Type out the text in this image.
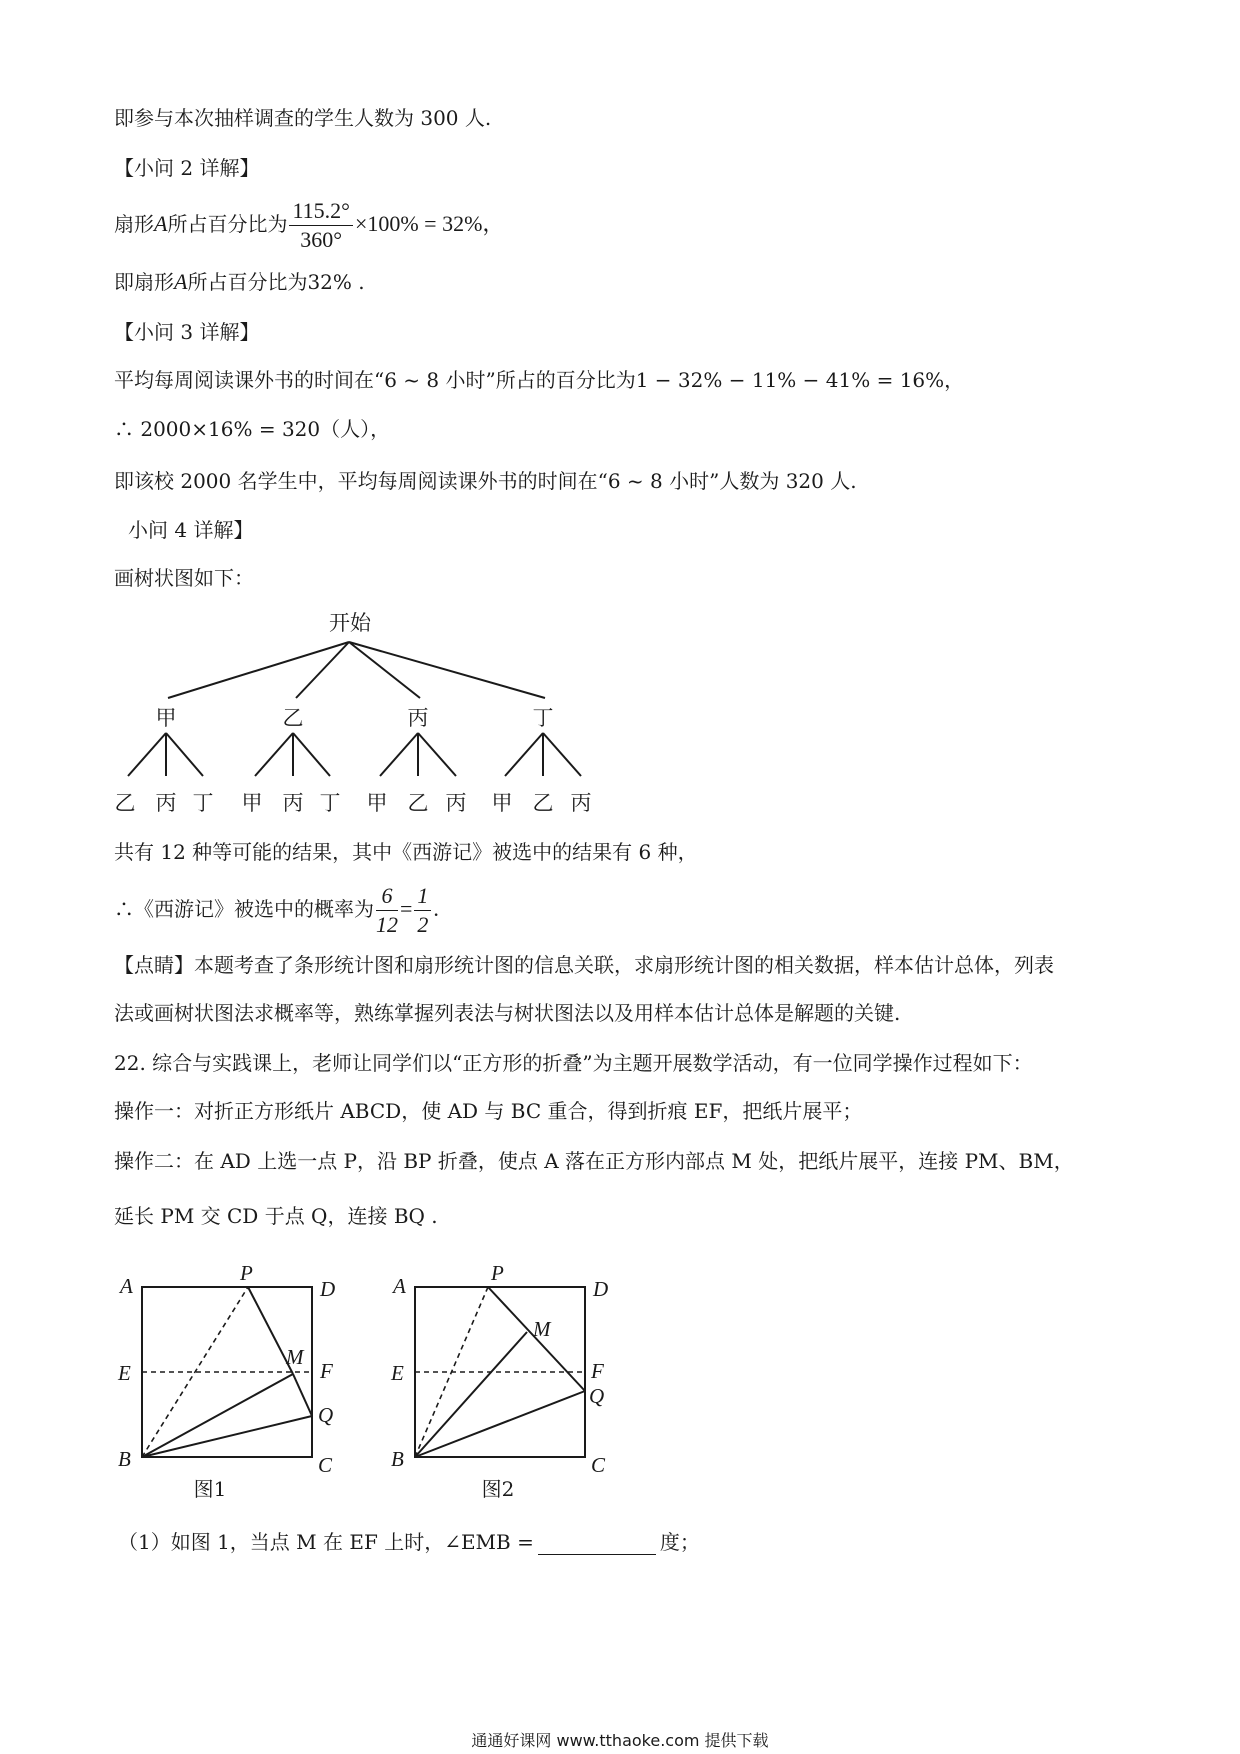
即参与本次抽样调查的学生人数为 300 人.
【小问 2 详解】
扇形A所占百分比为 $\frac{115.2^\circ}{360^\circ} \times 100\% = 32\%$，
即扇形A所占百分比为32% .
【小问 3 详解】
平均每周阅读课外书的时间在“6 ~ 8 小时”所占的百分比为1 − 32% − 11% − 41% = 16%，
∴ 2000×16% = 320（人），
即该校 2000 名学生中，平均每周阅读课外书的时间在“6 ~ 8 小时”人数为 320 人.
小问 4 详解】
画树状图如下：
开始
甲	乙	丙	丁
乙 丙 丁 甲 丙 丁 甲 乙 丙 甲 乙 丙
共有 12 种等可能的结果，其中《西游记》被选中的结果有 6 种，
∴《西游记》被选中的概率为 $\frac{6}{12} = \frac{1}{2}$ .
【点睛】本题考查了条形统计图和扇形统计图的信息关联，求扇形统计图的相关数据，样本估计总体，列表
法或画树状图法求概率等，熟练掌握列表法与树状图法以及用样本估计总体是解题的关键.
22. 综合与实践课上，老师让同学们以“正方形的折叠”为主题开展数学活动，有一位同学操作过程如下：
操作一：对折正方形纸片 ABCD，使 AD 与 BC 重合，得到折痕 EF，把纸片展平；
操作二：在 AD 上选一点 P，沿 BP 折叠，使点 A 落在正方形内部点 M 处，把纸片展平，连接 PM、BM，
延长 PM 交 CD 于点 Q，连接 BQ .
A
P
D
E
M
F
Q
B	C
图1
A
P
D
E
M
F
Q
B	C
图2
（1）如图 1，当点 M 在 EF 上时，∠EMB =	度；
通通好课网 www.tthaoke.com 提供下载
